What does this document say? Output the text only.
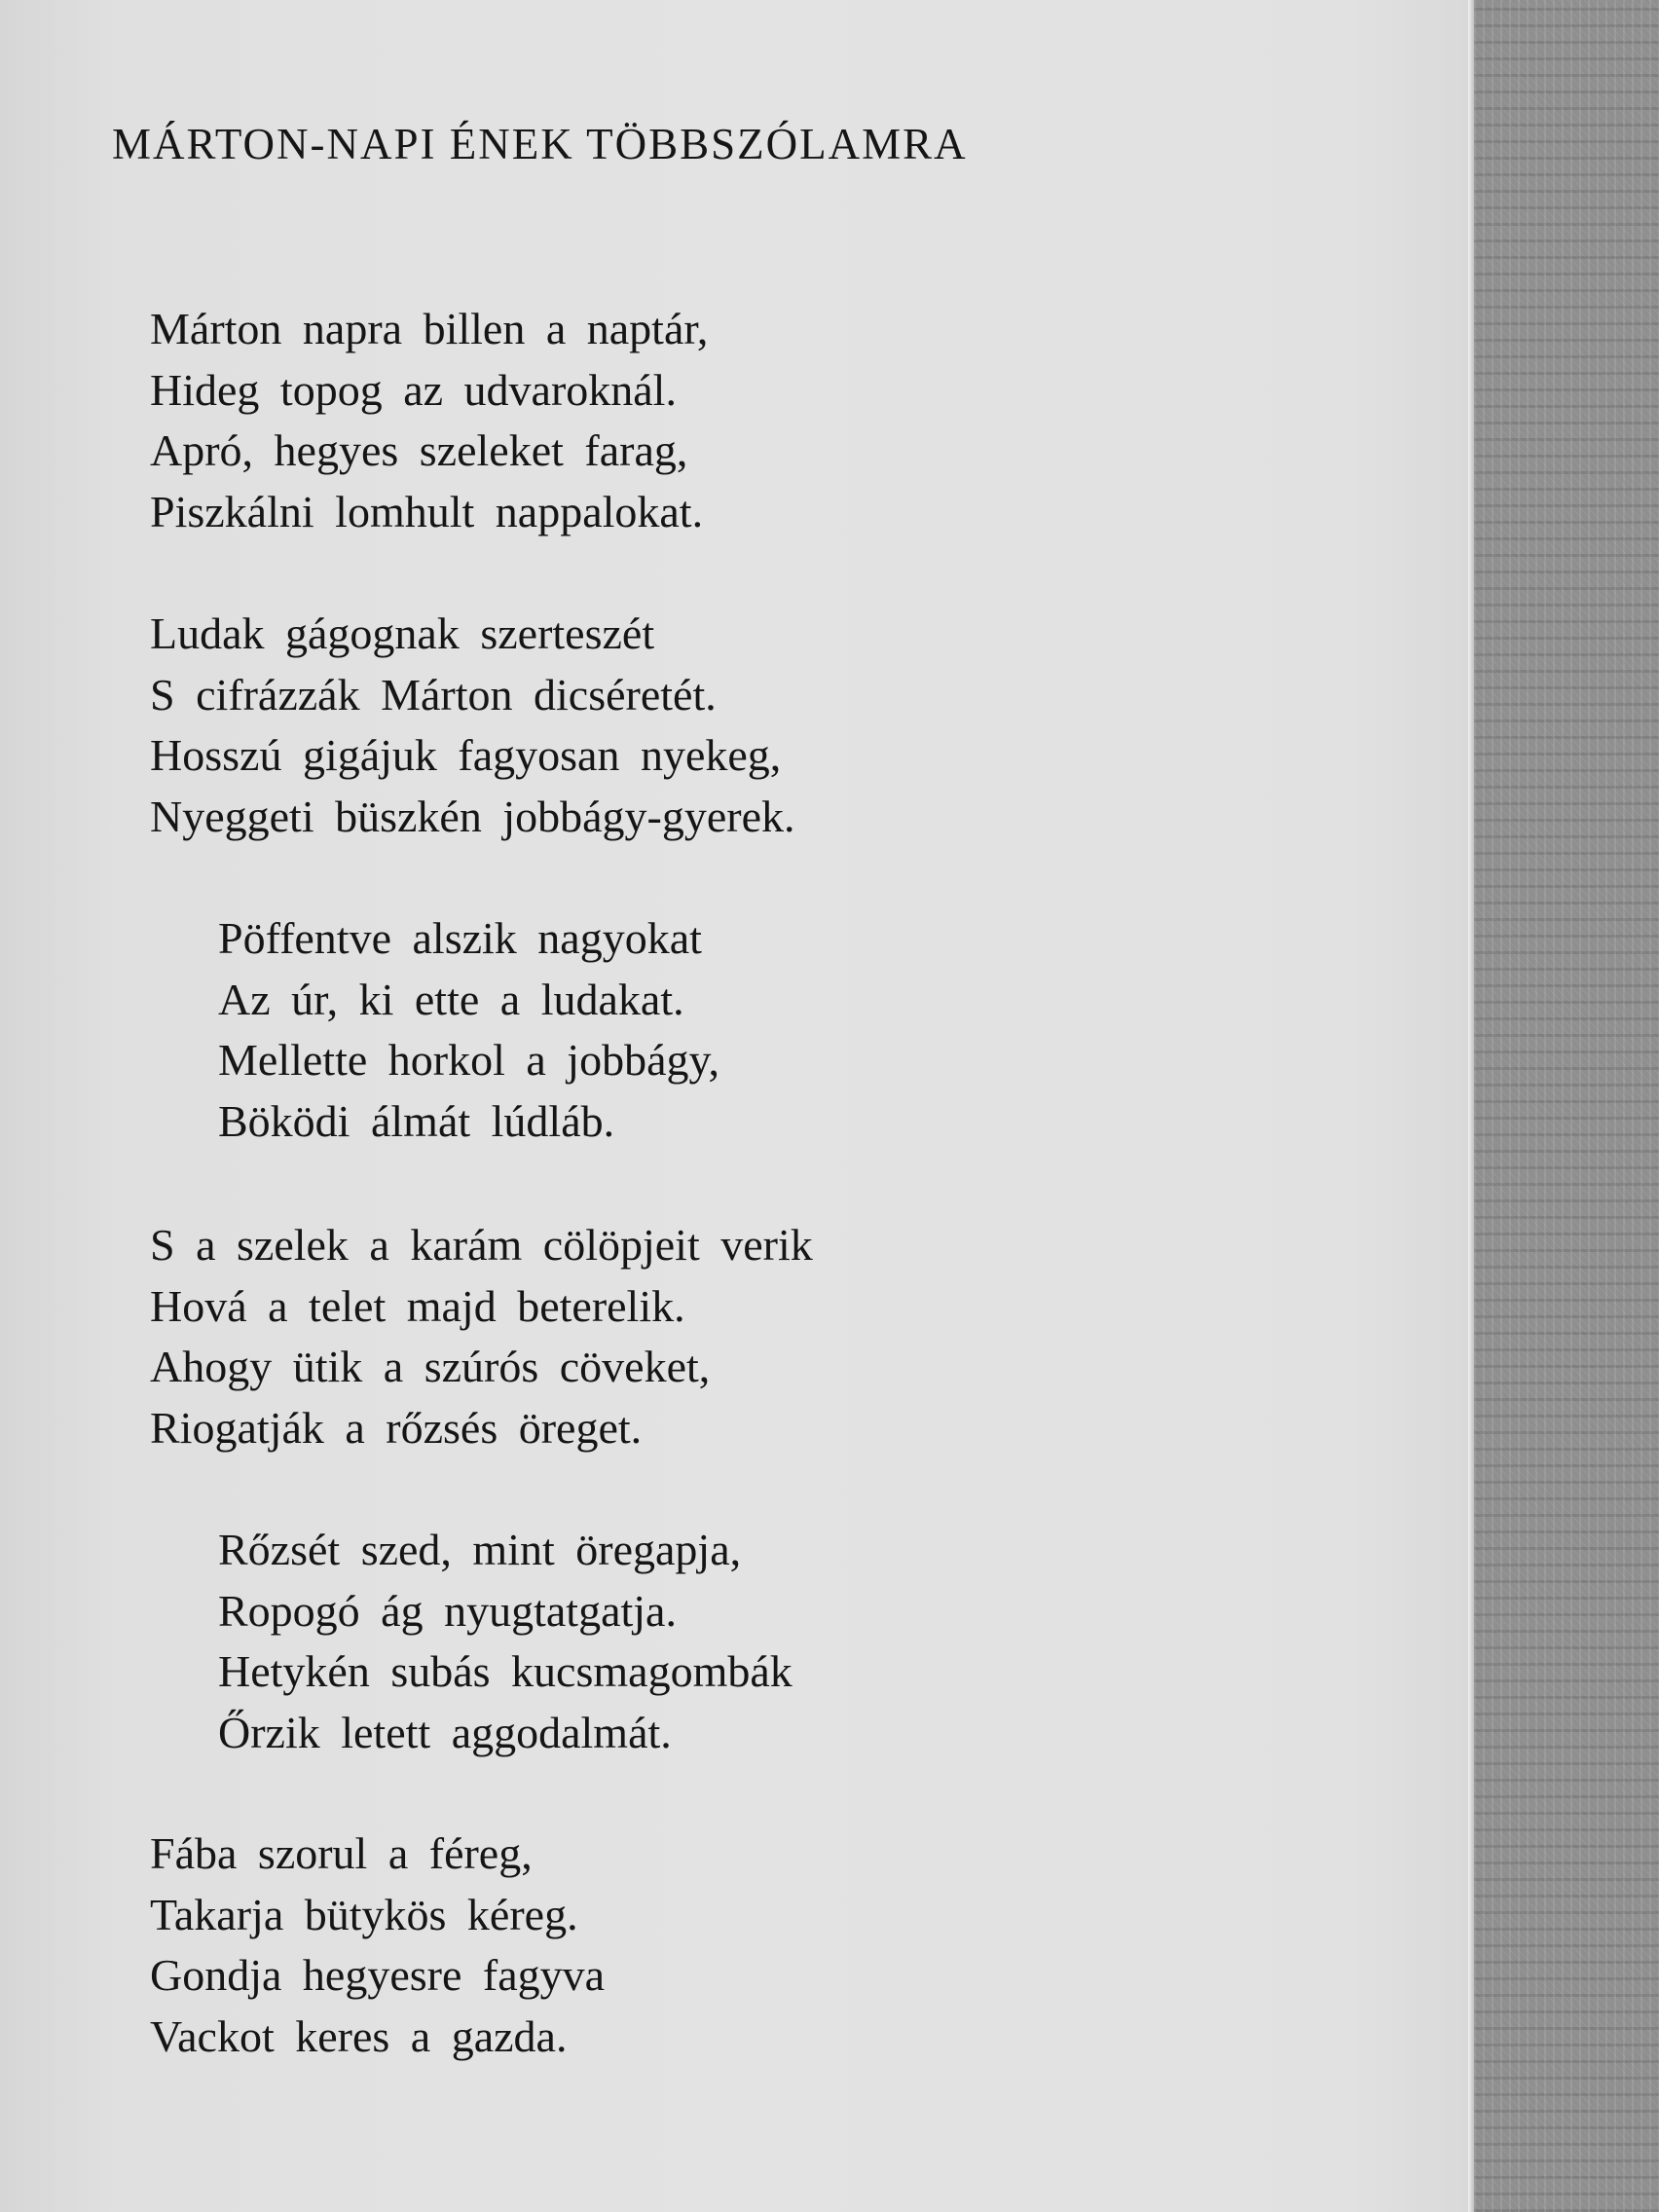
MÁRTON-NAPI ÉNEK TÖBBSZÓLAMRA
Márton napra billen a naptár,
Hideg topog az udvaroknál.
Apró, hegyes szeleket farag,
Piszkálni lomhult nappalokat.
Ludak gágognak szerteszét
S cifrázzák Márton dicséretét.
Hosszú gigájuk fagyosan nyekeg,
Nyeggeti büszkén jobbágy-gyerek.
Pöffentve alszik nagyokat
Az úr, ki ette a ludakat.
Mellette horkol a jobbágy,
Böködi álmát lúdláb.
S a szelek a karám cölöpjeit verik
Hová a telet majd beterelik.
Ahogy ütik a szúrós cöveket,
Riogatják a rőzsés öreget.
Rőzsét szed, mint öregapja,
Ropogó ág nyugtatgatja.
Hetykén subás kucsmagombák
Őrzik letett aggodalmát.
Fába szorul a féreg,
Takarja bütykös kéreg.
Gondja hegyesre fagyva
Vackot keres a gazda.
